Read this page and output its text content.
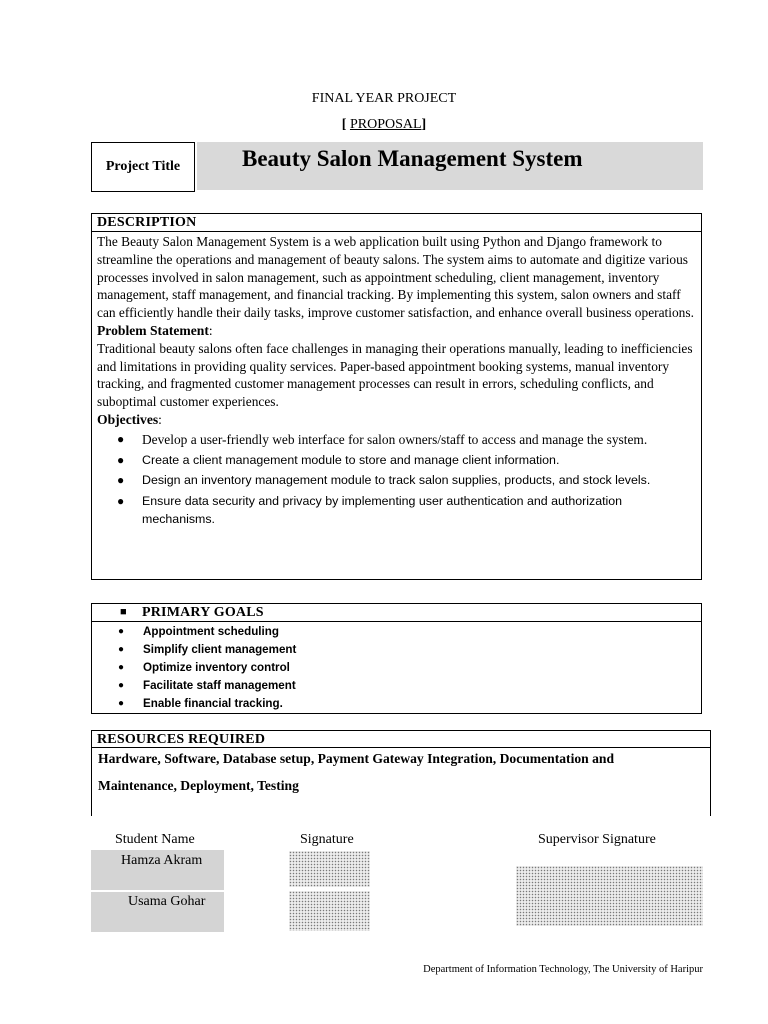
FINAL YEAR PROJECT
[ PROPOSAL]
Project Title	Beauty Salon Management System
DESCRIPTION
The Beauty Salon Management System is a web application built using Python and Django framework to streamline the operations and management of beauty salons. The system aims to automate and digitize various processes involved in salon management, such as appointment scheduling, client management, inventory management, staff management, and financial tracking. By implementing this system, salon owners and staff can efficiently handle their daily tasks, improve customer satisfaction, and enhance overall business operations.
Problem Statement:
Traditional beauty salons often face challenges in managing their operations manually, leading to inefficiencies and limitations in providing quality services. Paper-based appointment booking systems, manual inventory tracking, and fragmented customer management processes can result in errors, scheduling conflicts, and suboptimal customer experiences.
Objectives:
● Develop a user-friendly web interface for salon owners/staff to access and manage the system.
● Create a client management module to store and manage client information.
● Design an inventory management module to track salon supplies, products, and stock levels.
● Ensure data security and privacy by implementing user authentication and authorization mechanisms.
■ PRIMARY GOALS
● Appointment scheduling
● Simplify client management
● Optimize inventory control
● Facilitate staff management
● Enable financial tracking.
RESOURCES REQUIRED
Hardware, Software, Database setup, Payment Gateway Integration, Documentation and
Maintenance, Deployment, Testing
Student Name	Signature	Supervisor Signature
Hamza Akram
Usama Gohar
Department of Information Technology, The University of Haripur
